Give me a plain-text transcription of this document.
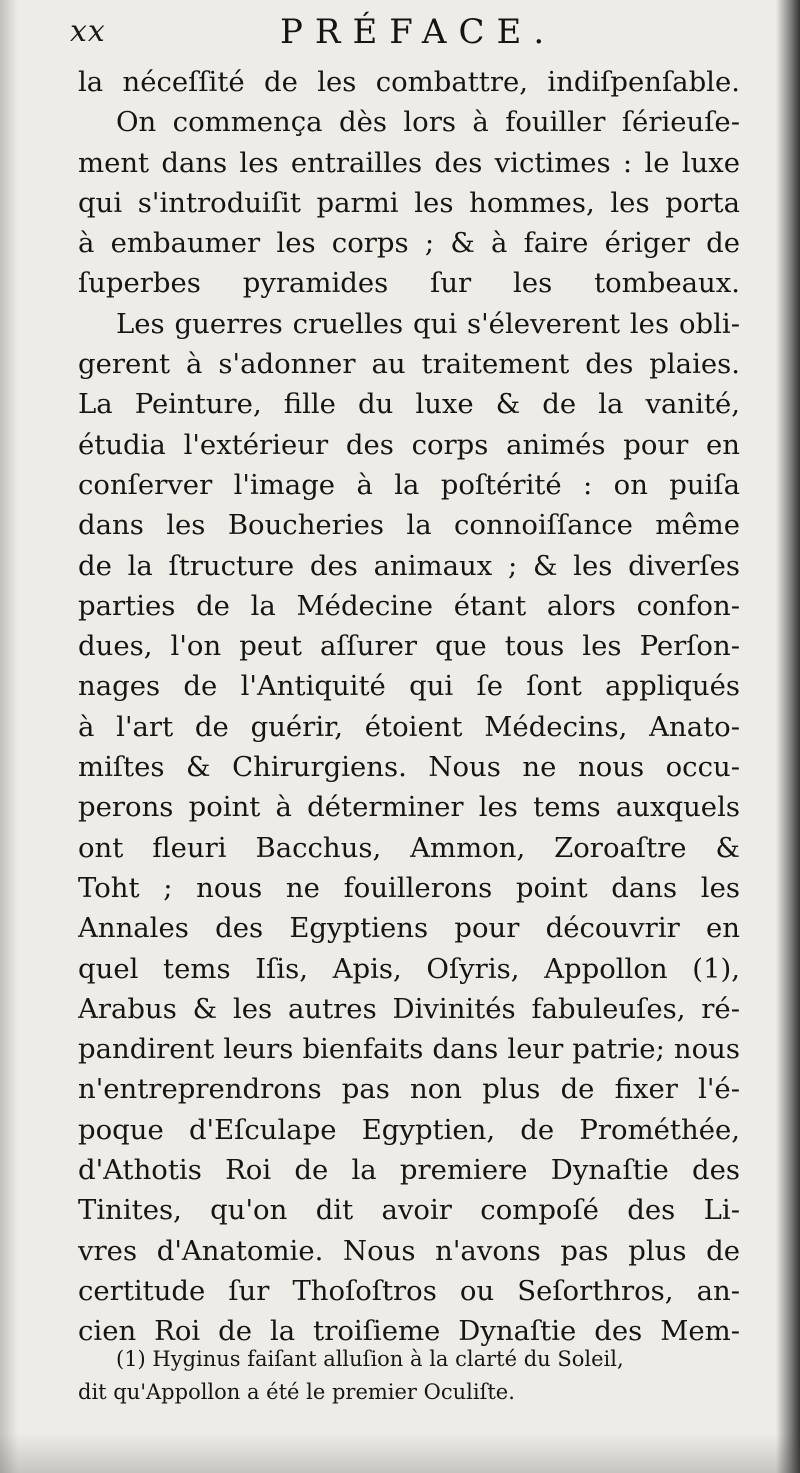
xx	PRÉFACE.
la néceſſité de les combattre, indiſpenſable.
On commença dès lors à fouiller ſérieuſe-
ment dans les entrailles des victimes : le luxe
qui s'introduiſit parmi les hommes, les porta
à embaumer les corps ; & à faire ériger de
ſuperbes pyramides ſur les tombeaux.
Les guerres cruelles qui s'éleverent les obli-
gerent à s'adonner au traitement des plaies.
La Peinture, fille du luxe & de la vanité,
étudia l'extérieur des corps animés pour en
conſerver l'image à la poſtérité : on puiſa
dans les Boucheries la connoiſſance même
de la ſtructure des animaux ; & les diverſes
parties de la Médecine étant alors confon-
dues, l'on peut aſſurer que tous les Perſon-
nages de l'Antiquité qui ſe ſont appliqués
à l'art de guérir, étoient Médecins, Anato-
miſtes & Chirurgiens. Nous ne nous occu-
perons point à déterminer les tems auxquels
ont fleuri Bacchus, Ammon, Zoroaſtre &
Toht ; nous ne fouillerons point dans les
Annales des Egyptiens pour découvrir en
quel tems Iſis, Apis, Oſyris, Appollon (1),
Arabus & les autres Divinités fabuleuſes, ré-
pandirent leurs bienfaits dans leur patrie; nous
n'entreprendrons pas non plus de fixer l'é-
poque d'Eſculape Egyptien, de Prométhée,
d'Athotis Roi de la premiere Dynaſtie des
Tinites, qu'on dit avoir compoſé des Li-
vres d'Anatomie. Nous n'avons pas plus de
certitude ſur Thoſoſtros ou Seſorthros, an-
cien Roi de la troiſieme Dynaſtie des Mem-
(1) Hyginus faiſant alluſion à la clarté du Soleil,
dit qu'Appollon a été le premier Oculiſte.
